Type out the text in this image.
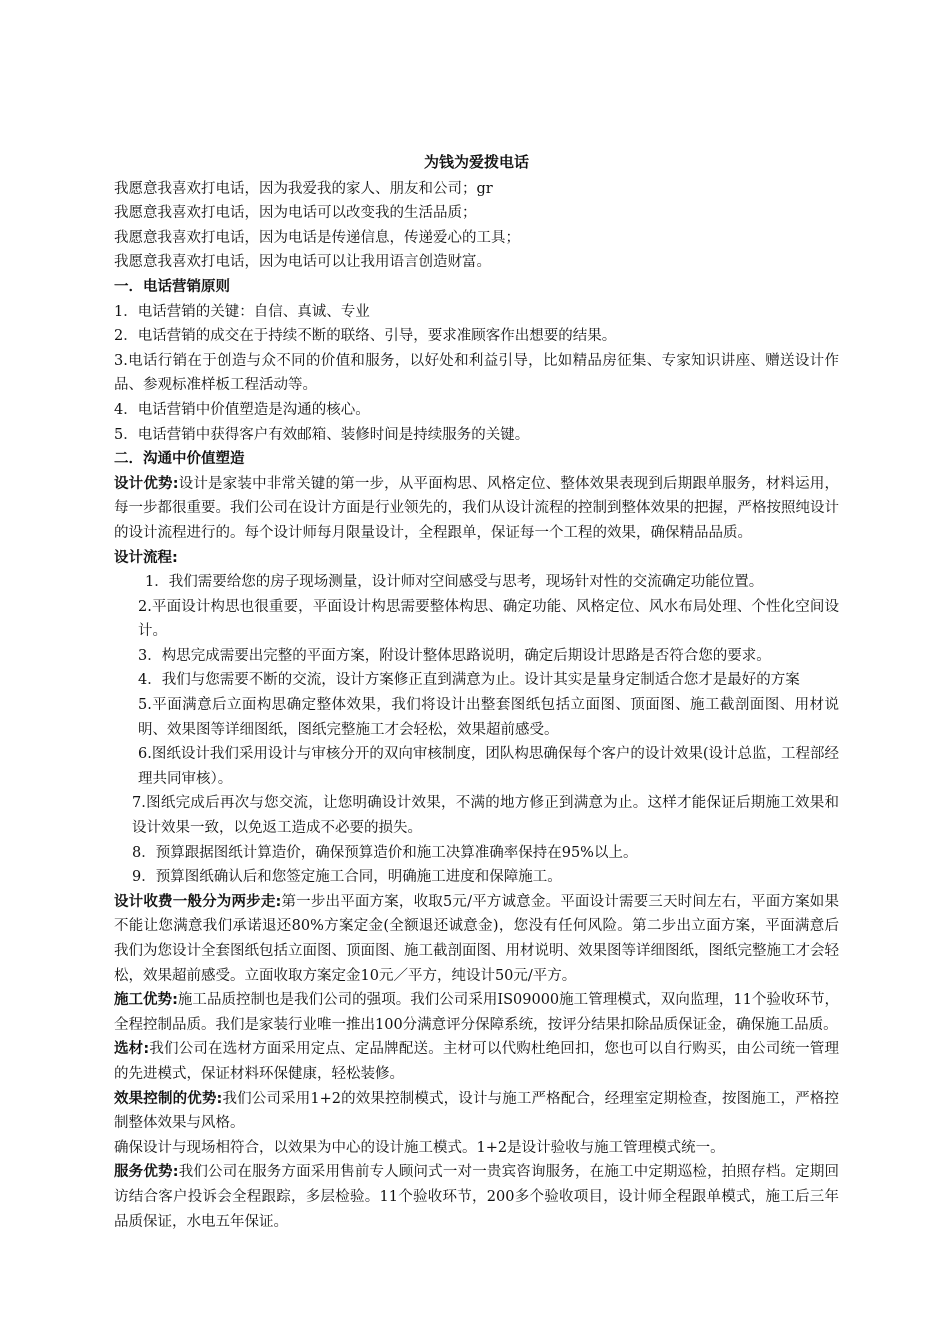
为钱为爱拨电话

我愿意我喜欢打电话，因为我爱我的家人、朋友和公司；gr

我愿意我喜欢打电话，因为电话可以改变我的生活品质；

我愿意我喜欢打电话，因为电话是传递信息，传递爱心的工具；

我愿意我喜欢打电话，因为电话可以让我用语言创造财富。

一．电话营销原则

1．电话营销的关键：自信、真诚、专业

2．电话营销的成交在于持续不断的联络、引导，要求准顾客作出想要的结果。

3.电话行销在于创造与众不同的价值和服务，以好处和利益引导，比如精品房征集、专家知识讲座、赠送设计作品、参观标准样板工程活动等。

4．电话营销中价值塑造是沟通的核心。

5．电话营销中获得客户有效邮箱、装修时间是持续服务的关键。

二．沟通中价值塑造

设计优势:设计是家装中非常关键的第一步，从平面构思、风格定位、整体效果表现到后期跟单服务，材料运用，每一步都很重要。我们公司在设计方面是行业领先的，我们从设计流程的控制到整体效果的把握，严格按照纯设计的设计流程进行的。每个设计师每月限量设计，全程跟单，保证每一个工程的效果，确保精品品质。

设计流程:

1．我们需要给您的房子现场测量，设计师对空间感受与思考，现场针对性的交流确定功能位置。

2.平面设计构思也很重要，平面设计构思需要整体构思、确定功能、风格定位、风水布局处理、个性化空间设计。

3．构思完成需要出完整的平面方案，附设计整体思路说明，确定后期设计思路是否符合您的要求。

4．我们与您需要不断的交流，设计方案修正直到满意为止。设计其实是量身定制适合您才是最好的方案

5.平面满意后立面构思确定整体效果，我们将设计出整套图纸包括立面图、顶面图、施工截剖面图、用材说明、效果图等详细图纸，图纸完整施工才会轻松，效果超前感受。

6.图纸设计我们采用设计与审核分开的双向审核制度，团队构思确保每个客户的设计效果(设计总监，工程部经理共同审核）。

7.图纸完成后再次与您交流，让您明确设计效果，不满的地方修正到满意为止。这样才能保证后期施工效果和设计效果一致，以免返工造成不必要的损失。

8．预算跟据图纸计算造价，确保预算造价和施工决算准确率保持在95%以上。

9．预算图纸确认后和您签定施工合同，明确施工进度和保障施工。

设计收费一般分为两步走:第一步出平面方案，收取5元/平方诚意金。平面设计需要三天时间左右，平面方案如果不能让您满意我们承诺退还80%方案定金(全额退还诚意金)，您没有任何风险。第二步出立面方案，平面满意后我们为您设计全套图纸包括立面图、顶面图、施工截剖面图、用材说明、效果图等详细图纸，图纸完整施工才会轻松，效果超前感受。立面收取方案定金10元／平方，纯设计50元/平方。

施工优势:施工品质控制也是我们公司的强项。我们公司采用IS09000施工管理模式，双向监理，11个验收环节，全程控制品质。我们是家装行业唯一推出100分满意评分保障系统，按评分结果扣除品质保证金，确保施工品质。

选材:我们公司在选材方面采用定点、定品牌配送。主材可以代购杜绝回扣，您也可以自行购买，由公司统一管理的先进模式，保证材料环保健康，轻松装修。

效果控制的优势:我们公司采用1+2的效果控制模式，设计与施工严格配合，经理室定期检查，按图施工，严格控制整体效果与风格。

确保设计与现场相符合，以效果为中心的设计施工模式。1+2是设计验收与施工管理模式统一。

服务优势:我们公司在服务方面采用售前专人顾问式一对一贵宾咨询服务，在施工中定期巡检，拍照存档。定期回访结合客户投诉会全程跟踪，多层检验。11个验收环节，200多个验收项目，设计师全程跟单模式，施工后三年品质保证，水电五年保证。
